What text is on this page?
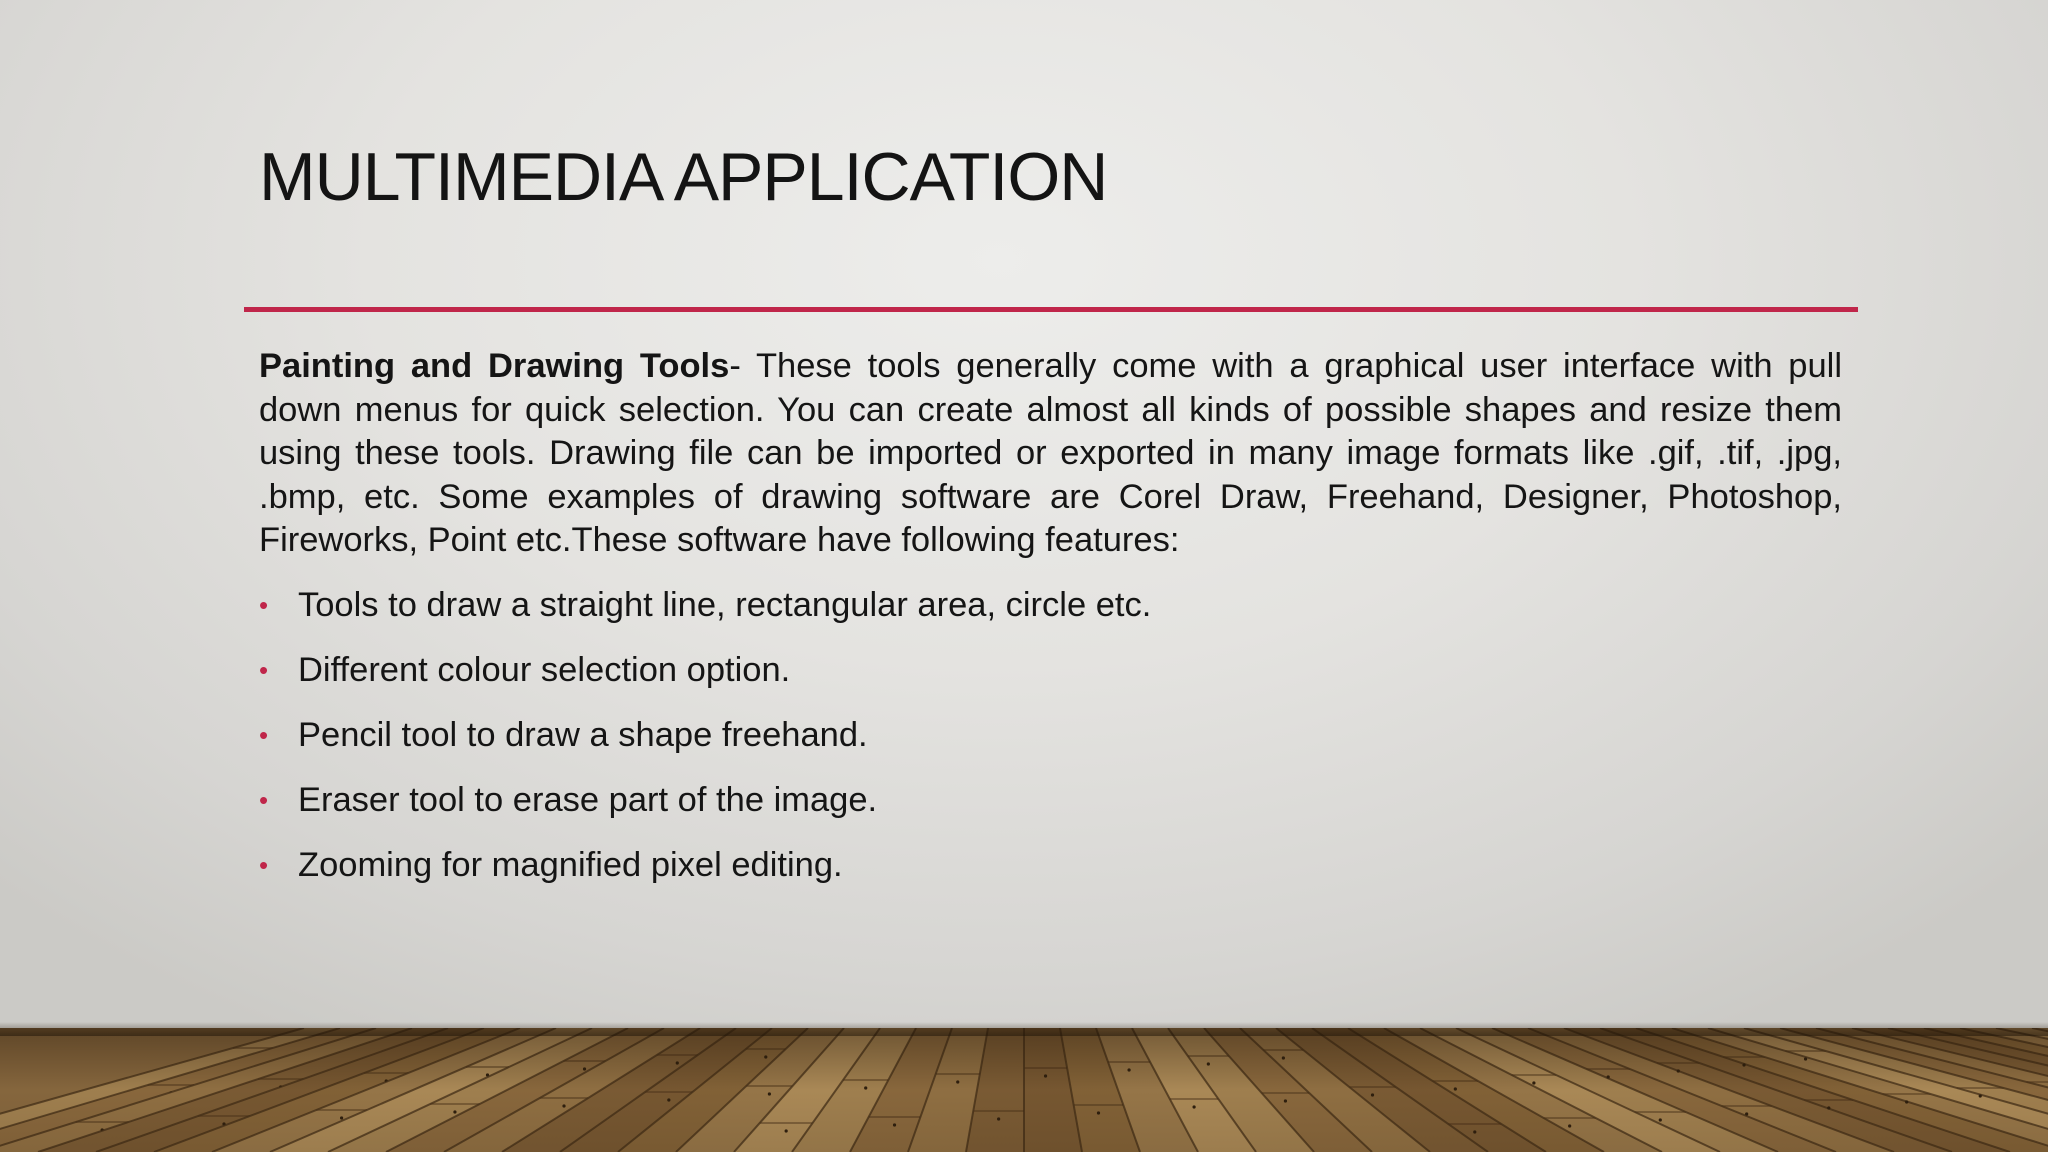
MULTIMEDIA APPLICATION

Painting and Drawing Tools- These tools generally come with a graphical user interface with pull down menus for quick selection. You can create almost all kinds of possible shapes and resize them using these tools. Drawing file can be imported or exported in many image formats like .gif, .tif, .jpg, .bmp, etc. Some examples of drawing software are Corel Draw, Freehand, Designer, Photoshop, Fireworks, Point etc.These software have following features:

• Tools to draw a straight line, rectangular area, circle etc.
• Different colour selection option.
• Pencil tool to draw a shape freehand.
• Eraser tool to erase part of the image.
• Zooming for magnified pixel editing.
